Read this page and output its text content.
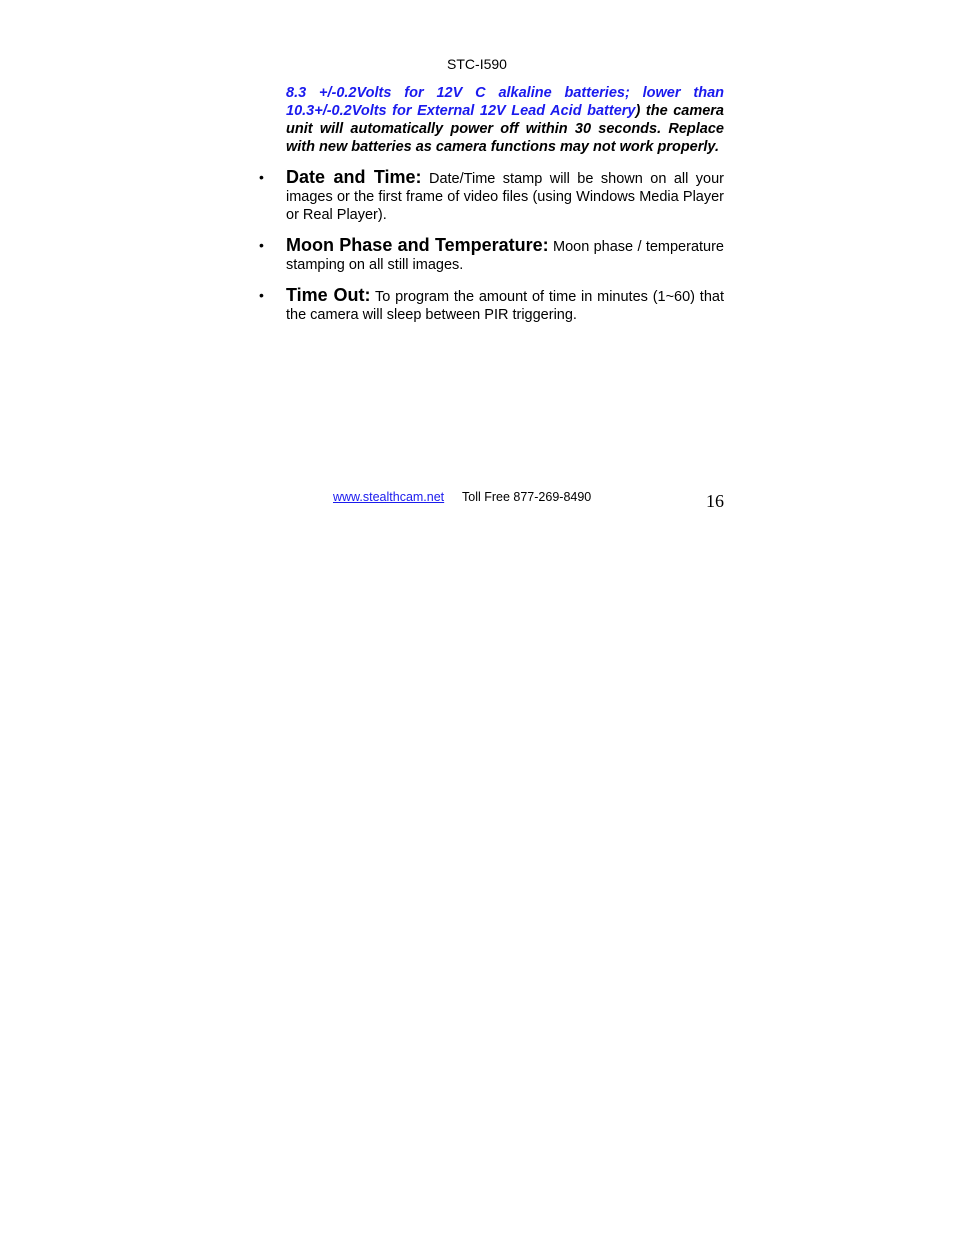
STC-I590

8.3 +/-0.2Volts for 12V C alkaline batteries; lower than 10.3+/-0.2Volts for External 12V Lead Acid battery) the camera unit will automatically power off within 30 seconds. Replace with new batteries as camera functions may not work properly.

• Date and Time: Date/Time stamp will be shown on all your images or the first frame of video files (using Windows Media Player or Real Player).
• Moon Phase and Temperature: Moon phase / temperature stamping on all still images.
• Time Out: To program the amount of time in minutes (1~60) that the camera will sleep between PIR triggering.
www.stealthcam.net Toll Free 877-269-8490	16
